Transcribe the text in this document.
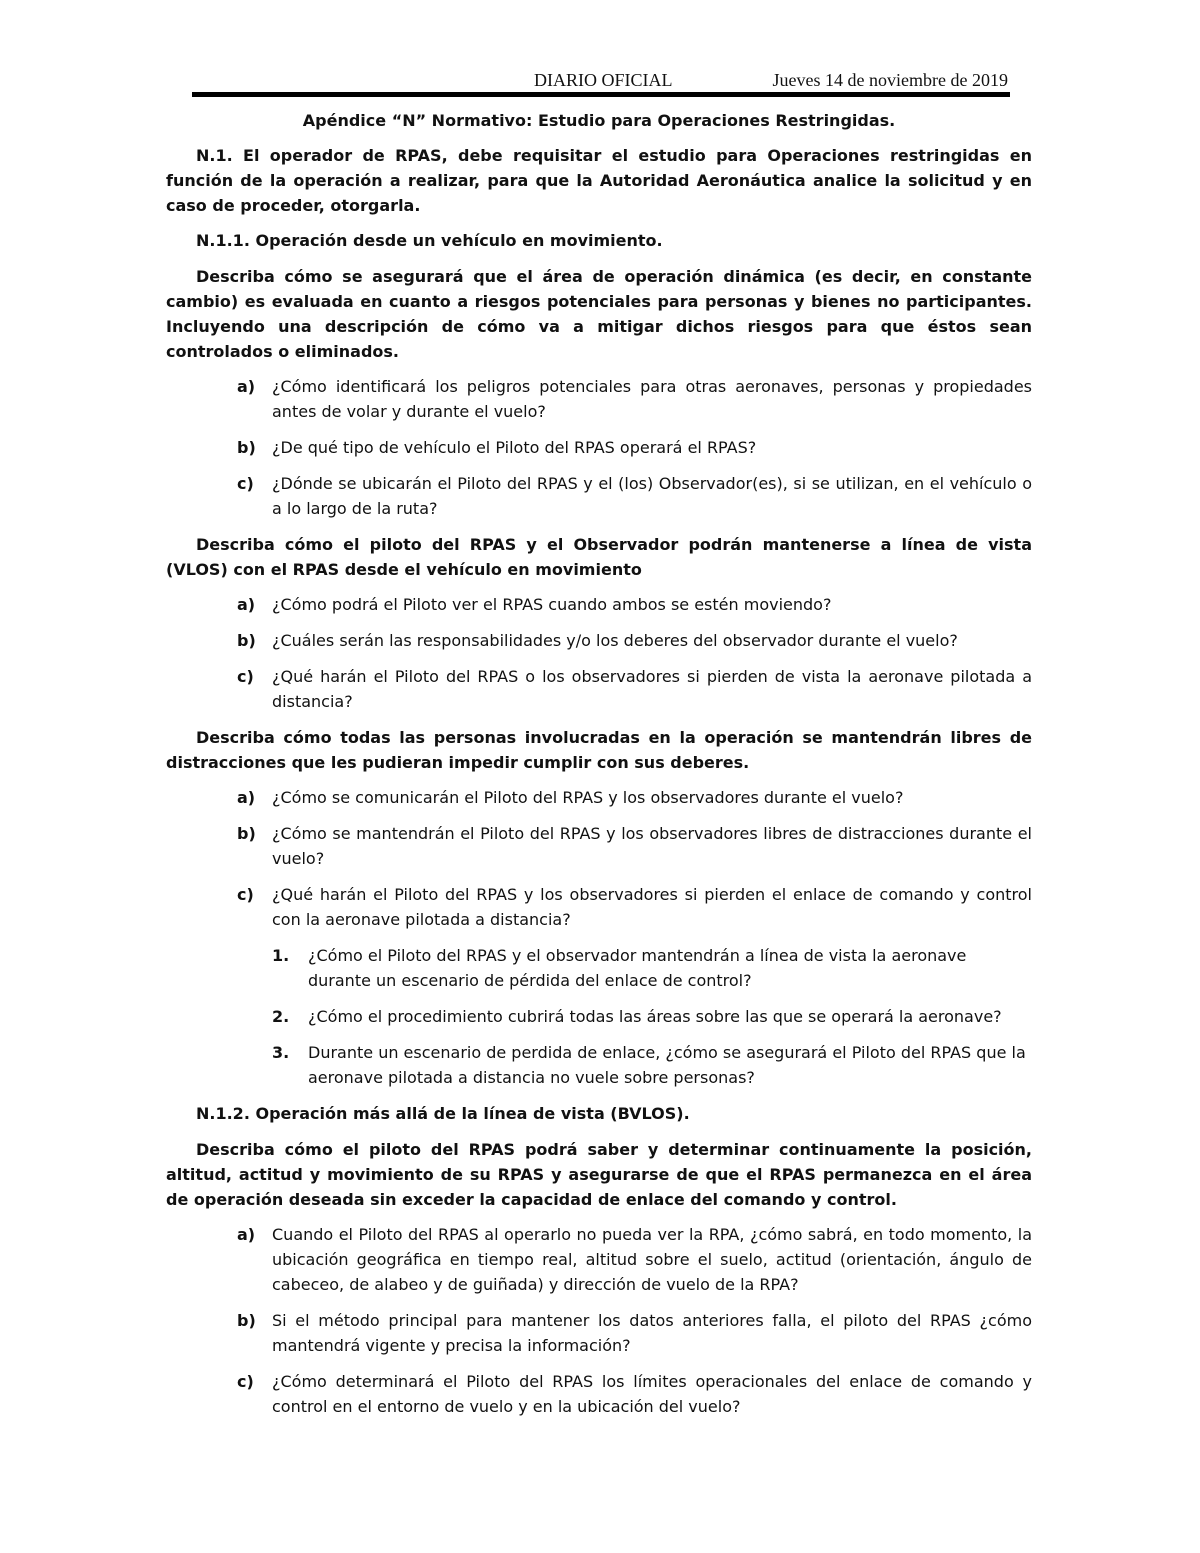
DIARIO OFICIAL	Jueves 14 de noviembre de 2019

Apéndice “N” Normativo: Estudio para Operaciones Restringidas.

N.1. El operador de RPAS, debe requisitar el estudio para Operaciones restringidas en función de la operación a realizar, para que la Autoridad Aeronáutica analice la solicitud y en caso de proceder, otorgarla.

N.1.1. Operación desde un vehículo en movimiento.

Describa cómo se asegurará que el área de operación dinámica (es decir, en constante cambio) es evaluada en cuanto a riesgos potenciales para personas y bienes no participantes. Incluyendo una descripción de cómo va a mitigar dichos riesgos para que éstos sean controlados o eliminados.

a) ¿Cómo identificará los peligros potenciales para otras aeronaves, personas y propiedades antes de volar y durante el vuelo?
b) ¿De qué tipo de vehículo el Piloto del RPAS operará el RPAS?
c) ¿Dónde se ubicarán el Piloto del RPAS y el (los) Observador(es), si se utilizan, en el vehículo o a lo largo de la ruta?

Describa cómo el piloto del RPAS y el Observador podrán mantenerse a línea de vista (VLOS) con el RPAS desde el vehículo en movimiento

a) ¿Cómo podrá el Piloto ver el RPAS cuando ambos se estén moviendo?
b) ¿Cuáles serán las responsabilidades y/o los deberes del observador durante el vuelo?
c) ¿Qué harán el Piloto del RPAS o los observadores si pierden de vista la aeronave pilotada a distancia?

Describa cómo todas las personas involucradas en la operación se mantendrán libres de distracciones que les pudieran impedir cumplir con sus deberes.

a) ¿Cómo se comunicarán el Piloto del RPAS y los observadores durante el vuelo?
b) ¿Cómo se mantendrán el Piloto del RPAS y los observadores libres de distracciones durante el vuelo?
c) ¿Qué harán el Piloto del RPAS y los observadores si pierden el enlace de comando y control con la aeronave pilotada a distancia?
1. ¿Cómo el Piloto del RPAS y el observador mantendrán a línea de vista la aeronave durante un escenario de pérdida del enlace de control?
2. ¿Cómo el procedimiento cubrirá todas las áreas sobre las que se operará la aeronave?
3. Durante un escenario de perdida de enlace, ¿cómo se asegurará el Piloto del RPAS que la aeronave pilotada a distancia no vuele sobre personas?

N.1.2. Operación más allá de la línea de vista (BVLOS).

Describa cómo el piloto del RPAS podrá saber y determinar continuamente la posición, altitud, actitud y movimiento de su RPAS y asegurarse de que el RPAS permanezca en el área de operación deseada sin exceder la capacidad de enlace del comando y control.

a) Cuando el Piloto del RPAS al operarlo no pueda ver la RPA, ¿cómo sabrá, en todo momento, la ubicación geográfica en tiempo real, altitud sobre el suelo, actitud (orientación, ángulo de cabeceo, de alabeo y de guiñada) y dirección de vuelo de la RPA?
b) Si el método principal para mantener los datos anteriores falla, el piloto del RPAS ¿cómo mantendrá vigente y precisa la información?
c) ¿Cómo determinará el Piloto del RPAS los límites operacionales del enlace de comando y control en el entorno de vuelo y en la ubicación del vuelo?
